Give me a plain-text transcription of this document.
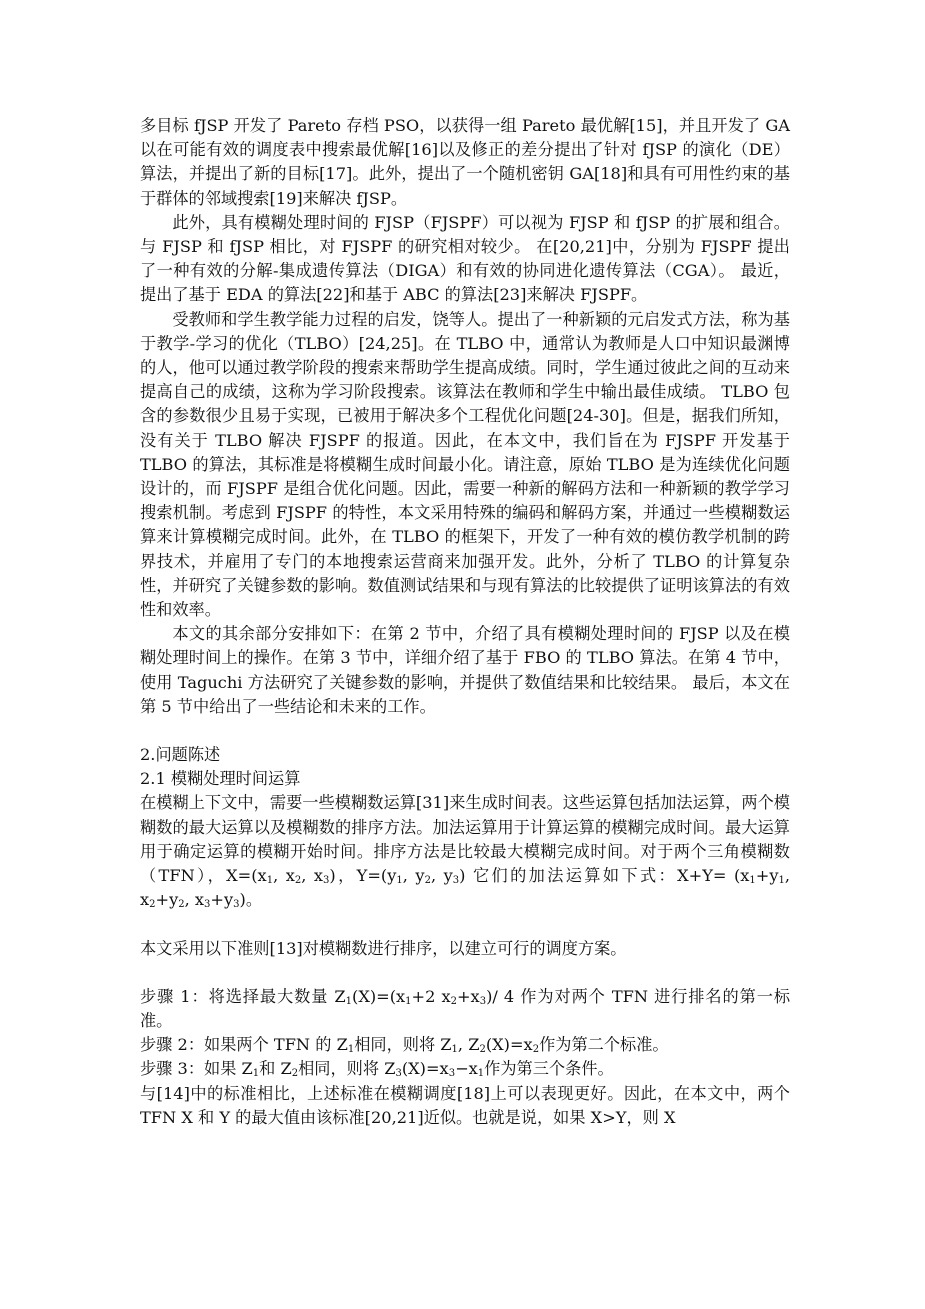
多目标 fJSP 开发了 Pareto 存档 PSO，以获得一组 Pareto 最优解[15]，并且开发了 GA 以在可能有效的调度表中搜索最优解[16]以及修正的差分提出了针对 fJSP 的演化（DE）算法，并提出了新的目标[17]。此外，提出了一个随机密钥 GA[18]和具有可用性约束的基于群体的邻域搜索[19]来解决 fJSP。

此外，具有模糊处理时间的 FJSP（FJSPF）可以视为 FJSP 和 fJSP 的扩展和组合。 与 FJSP 和 fJSP 相比，对 FJSPF 的研究相对较少。 在[20,21]中，分别为 FJSPF 提出了一种有效的分解-集成遗传算法（DIGA）和有效的协同进化遗传算法（CGA）。 最近，提出了基于 EDA 的算法[22]和基于 ABC 的算法[23]来解决 FJSPF。

受教师和学生教学能力过程的启发，饶等人。提出了一种新颖的元启发式方法，称为基于教学-学习的优化（TLBO）[24,25]。在 TLBO 中，通常认为教师是人口中知识最渊博的人，他可以通过教学阶段的搜索来帮助学生提高成绩。同时，学生通过彼此之间的互动来提高自己的成绩，这称为学习阶段搜索。该算法在教师和学生中输出最佳成绩。 TLBO 包含的参数很少且易于实现，已被用于解决多个工程优化问题[24-30]。但是，据我们所知，没有关于 TLBO 解决 FJSPF 的报道。因此，在本文中，我们旨在为 FJSPF 开发基于 TLBO 的算法，其标准是将模糊生成时间最小化。请注意，原始 TLBO 是为连续优化问题设计的，而 FJSPF 是组合优化问题。因此，需要一种新的解码方法和一种新颖的教学学习搜索机制。考虑到 FJSPF 的特性，本文采用特殊的编码和解码方案，并通过一些模糊数运算来计算模糊完成时间。此外，在 TLBO 的框架下，开发了一种有效的模仿教学机制的跨界技术，并雇用了专门的本地搜索运营商来加强开发。此外，分析了 TLBO 的计算复杂性，并研究了关键参数的影响。数值测试结果和与现有算法的比较提供了证明该算法的有效性和效率。

本文的其余部分安排如下：在第 2 节中，介绍了具有模糊处理时间的 FJSP 以及在模糊处理时间上的操作。在第 3 节中，详细介绍了基于 FBO 的 TLBO 算法。在第 4 节中，使用 Taguchi 方法研究了关键参数的影响，并提供了数值结果和比较结果。 最后，本文在第 5 节中给出了一些结论和未来的工作。

2.问题陈述

2.1 模糊处理时间运算

在模糊上下文中，需要一些模糊数运算[31]来生成时间表。这些运算包括加法运算，两个模糊数的最大运算以及模糊数的排序方法。加法运算用于计算运算的模糊完成时间。最大运算用于确定运算的模糊开始时间。排序方法是比较最大模糊完成时间。对于两个三角模糊数（TFN），$X=(x_1$, $x_2$, $x_3$)，$Y=(y_1$, $y_2$, $y_3$) 它们的加法运算如下式：$X+Y= (x_1+y_1$, $x_2+y_2$, $x_3+y_3$)。

本文采用以下准则[13]对模糊数进行排序，以建立可行的调度方案。

步骤 1：将选择最大数量 $Z_1(X)=(x_1+2$ $x_2+x_3)/$ 4 作为对两个 TFN 进行排名的第一标准。

步骤 2：如果两个 TFN 的 $Z_1$相同，则将 $Z_1$, $Z_2(X)=x_2$作为第二个标准。

步骤 3：如果 $Z_1$和 $Z_2$相同，则将 $Z_3(X)=x_3-x_1$作为第三个条件。

与[14]中的标准相比，上述标准在模糊调度[18]上可以表现更好。因此，在本文中，两个 TFN X 和 Y 的最大值由该标准[20,21]近似。也就是说，如果 X>Y，则 X
